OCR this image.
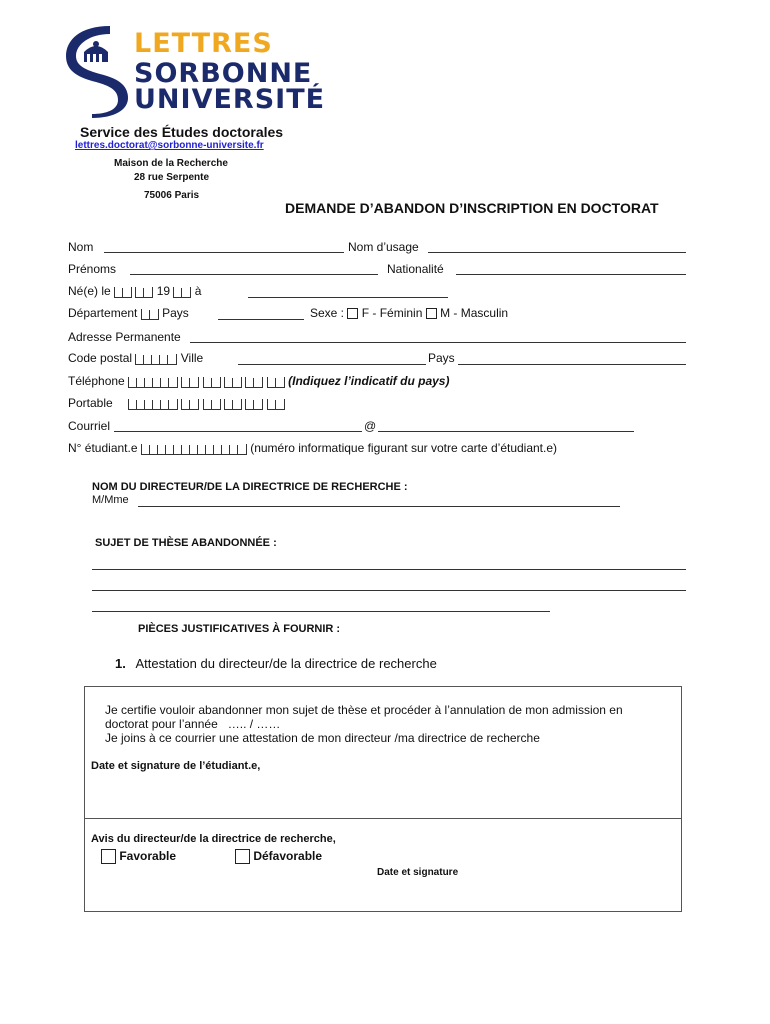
LETTRES
SORBONNE
UNIVERSITÉ
Service des Études doctorales
lettres.doctorat@sorbonne-universite.fr
Maison de la Recherche
28 rue Serpente
75006 Paris
DEMANDE D’ABANDON D’INSCRIPTION EN DOCTORAT
Nom	Nom d’usage
Prénoms	Nationalité
Né(e) le	19 à
Département Pays	Sexe : F - Féminin M - Masculin
Adresse Permanente
Code postal	Ville	Pays
Téléphone	(Indiquez l’indicatif du pays)
Portable
Courriel	@
N° étudiant.e	(numéro informatique figurant sur votre carte d’étudiant.e)
NOM DU DIRECTEUR/DE LA DIRECTRICE DE RECHERCHE :
M/Mme
SUJET DE THÈSE ABANDONNÉE :
PIÈCES JUSTIFICATIVES À FOURNIR :
1. Attestation du directeur/de la directrice de recherche
Je certifie vouloir abandonner mon sujet de thèse et procéder à l’annulation de mon admission en
doctorat pour l’année   ….. / ……
Je joins à ce courrier une attestation de mon directeur /ma directrice de recherche
Date et signature de l’étudiant.e,
Avis du directeur/de la directrice de recherche,
Favorable	Défavorable
Date et signature
